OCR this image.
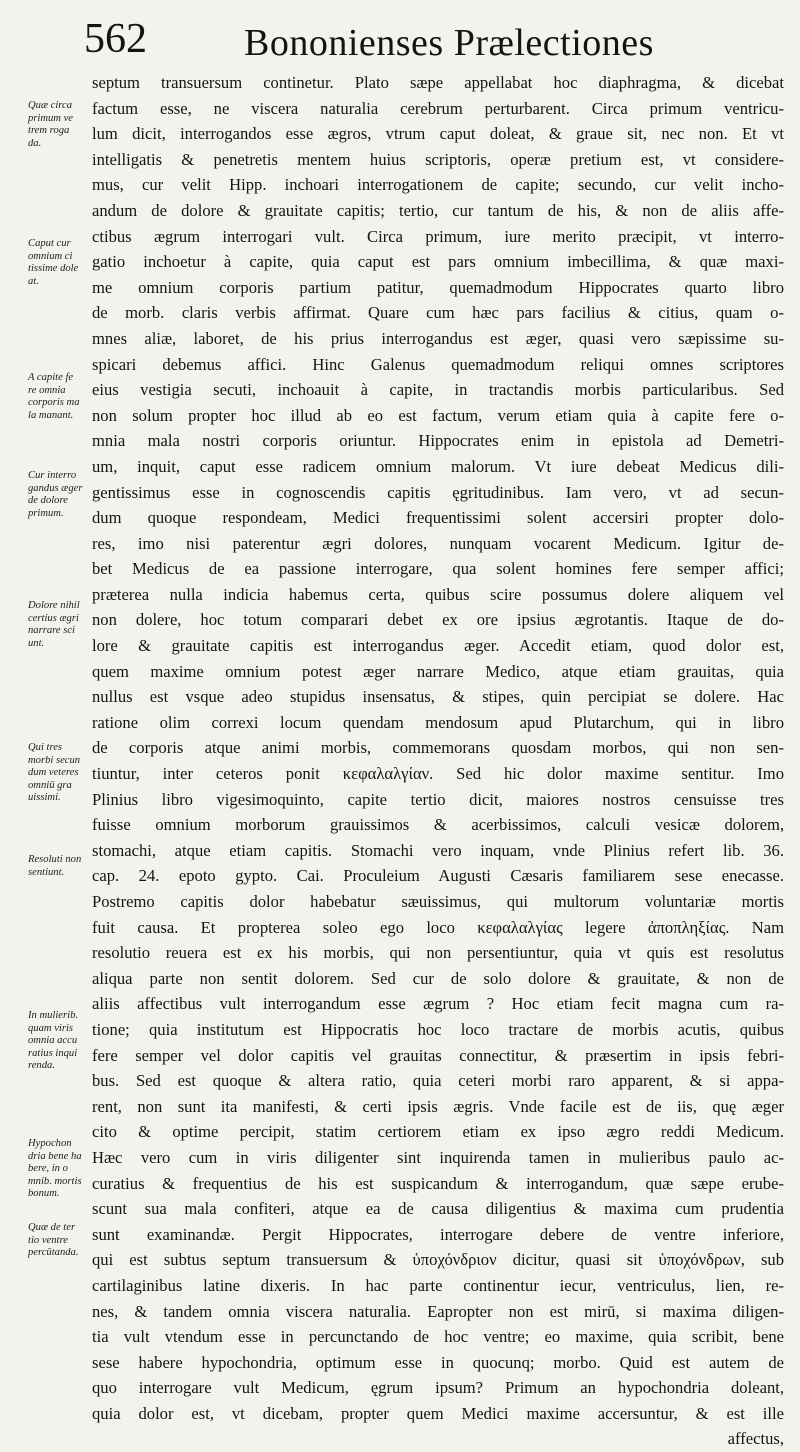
562	Bononienses Prælectiones
septum transuersum continetur. Plato sæpe appellabat hoc diaphragma, & dicebat
factum esse, ne viscera naturalia cerebrum perturbarent. Circa primum ventricu-
lum dicit, interrogandos esse ægros, vtrum caput doleat, & graue sit, nec non. Et vt
intelligatis & penetretis mentem huius scriptoris, operæ pretium est, vt considere-
mus, cur velit Hipp. inchoari interrogationem de capite; secundo, cur velit incho-
andum de dolore & grauitate capitis; tertio, cur tantum de his, & non de aliis affe-
ctibus ægrum interrogari vult. Circa primum, iure merito præcipit, vt interro-
gatio inchoetur à capite, quia caput est pars omnium imbecillima, & quæ maxi-
me omnium corporis partium patitur, quemadmodum Hippocrates quarto libro
de morb. claris verbis affirmat. Quare cum hæc pars facilius & citius, quam o-
mnes aliæ, laboret, de his prius interrogandus est æger, quasi vero sæpissime su-
spicari debemus affici. Hinc Galenus quemadmodum reliqui omnes scriptores
eius vestigia secuti, inchoauit à capite, in tractandis morbis particularibus. Sed
non solum propter hoc illud ab eo est factum, verum etiam quia à capite fere o-
mnia mala nostri corporis oriuntur. Hippocrates enim in epistola ad Demetri-
um, inquit, caput esse radicem omnium malorum. Vt iure debeat Medicus dili-
gentissimus esse in cognoscendis capitis ęgritudinibus. Iam vero, vt ad secun-
dum quoque respondeam, Medici frequentissimi solent accersiri propter dolo-
res, imo nisi paterentur ægri dolores, nunquam vocarent Medicum. Igitur de-
bet Medicus de ea passione interrogare, qua solent homines fere semper affici;
præterea nulla indicia habemus certa, quibus scire possumus dolere aliquem vel
non dolere, hoc totum comparari debet ex ore ipsius ægrotantis. Itaque de do-
lore & grauitate capitis est interrogandus æger. Accedit etiam, quod dolor est,
quem maxime omnium potest æger narrare Medico, atque etiam grauitas, quia
nullus est vsque adeo stupidus insensatus, & stipes, quin percipiat se dolere. Hac
ratione olim correxi locum quendam mendosum apud Plutarchum, qui in libro
de corporis atque animi morbis, commemorans quosdam morbos, qui non sen-
tiuntur, inter ceteros ponit κεφαλαλγίαν. Sed hic dolor maxime sentitur. Imo
Plinius libro vigesimoquinto, capite tertio dicit, maiores nostros censuisse tres
fuisse omnium morborum grauissimos & acerbissimos, calculi vesicæ dolorem,
stomachi, atque etiam capitis. Stomachi vero inquam, vnde Plinius refert lib. 36.
cap. 24. epoto gypto. Cai. Proculeium Augusti Cæsaris familiarem sese enecasse.
Postremo capitis dolor habebatur sæuissimus, qui multorum voluntariæ mortis
fuit causa. Et propterea soleo ego loco κεφαλαλγίας legere ἀπoπληξίας. Nam
resolutio reuera est ex his morbis, qui non persentiuntur, quia vt quis est resolutus
aliqua parte non sentit dolorem. Sed cur de solo dolore & grauitate, & non de
aliis affectibus vult interrogandum esse ægrum ? Hoc etiam fecit magna cum ra-
tione; quia institutum est Hippocratis hoc loco tractare de morbis acutis, quibus
fere semper vel dolor capitis vel grauitas connectitur, & præsertim in ipsis febri-
bus. Sed est quoque & altera ratio, quia ceteri morbi raro apparent, & si appa-
rent, non sunt ita manifesti, & certi ipsis ægris. Vnde facile est de iis, quę æger
cito & optime percipit, statim certiorem etiam ex ipso ægro reddi Medicum.
Hæc vero cum in viris diligenter sint inquirenda tamen in mulieribus paulo ac-
curatius & frequentius de his est suspicandum & interrogandum, quæ sæpe erube-
scunt sua mala confiteri, atque ea de causa diligentius & maxima cum prudentia
sunt examinandæ. Pergit Hippocrates, interrogare debere de ventre inferiore,
qui est subtus septum transuersum & ὑποχόνδριον dicitur, quasi sit ὑποχόνδρων, sub
cartilaginibus latine dixeris. In hac parte continentur iecur, ventriculus, lien, re-
nes, & tandem omnia viscera naturalia. Eapropter non est mirū, si maxima diligen-
tia vult vtendum esse in percunctando de hoc ventre; eo maxime, quia scribit, bene
sese habere hypochondria, optimum esse in quocunq; morbo. Quid est autem de
quo interrogare vult Medicum, ęgrum ipsum? Primum an hypochondria doleant,
quia dolor est, vt dicebam, propter quem Medici maxime accersuntur, & est ille
affectus,
Quæ circa
primum ve
trem roga
da.
Caput cur
omnium ci
tissime dole
at.
A capite fe
re omnia
corporis ma
la manant.
Cur interro
gandus æger
de dolore
primum.
Dolore nihil
certius ægri
narrare sci
unt.
Qui tres
morbi secun
dum veteres
omniū gra
uissimi.
Resoluti non
sentiunt.
In mulierib.
quam viris
omnia accu
ratius inqui
renda.
Hypochon
dria bene ha
bere, in o
mnib. mortis
bonum.
Quæ de ter
tio ventre
percūtanda.
